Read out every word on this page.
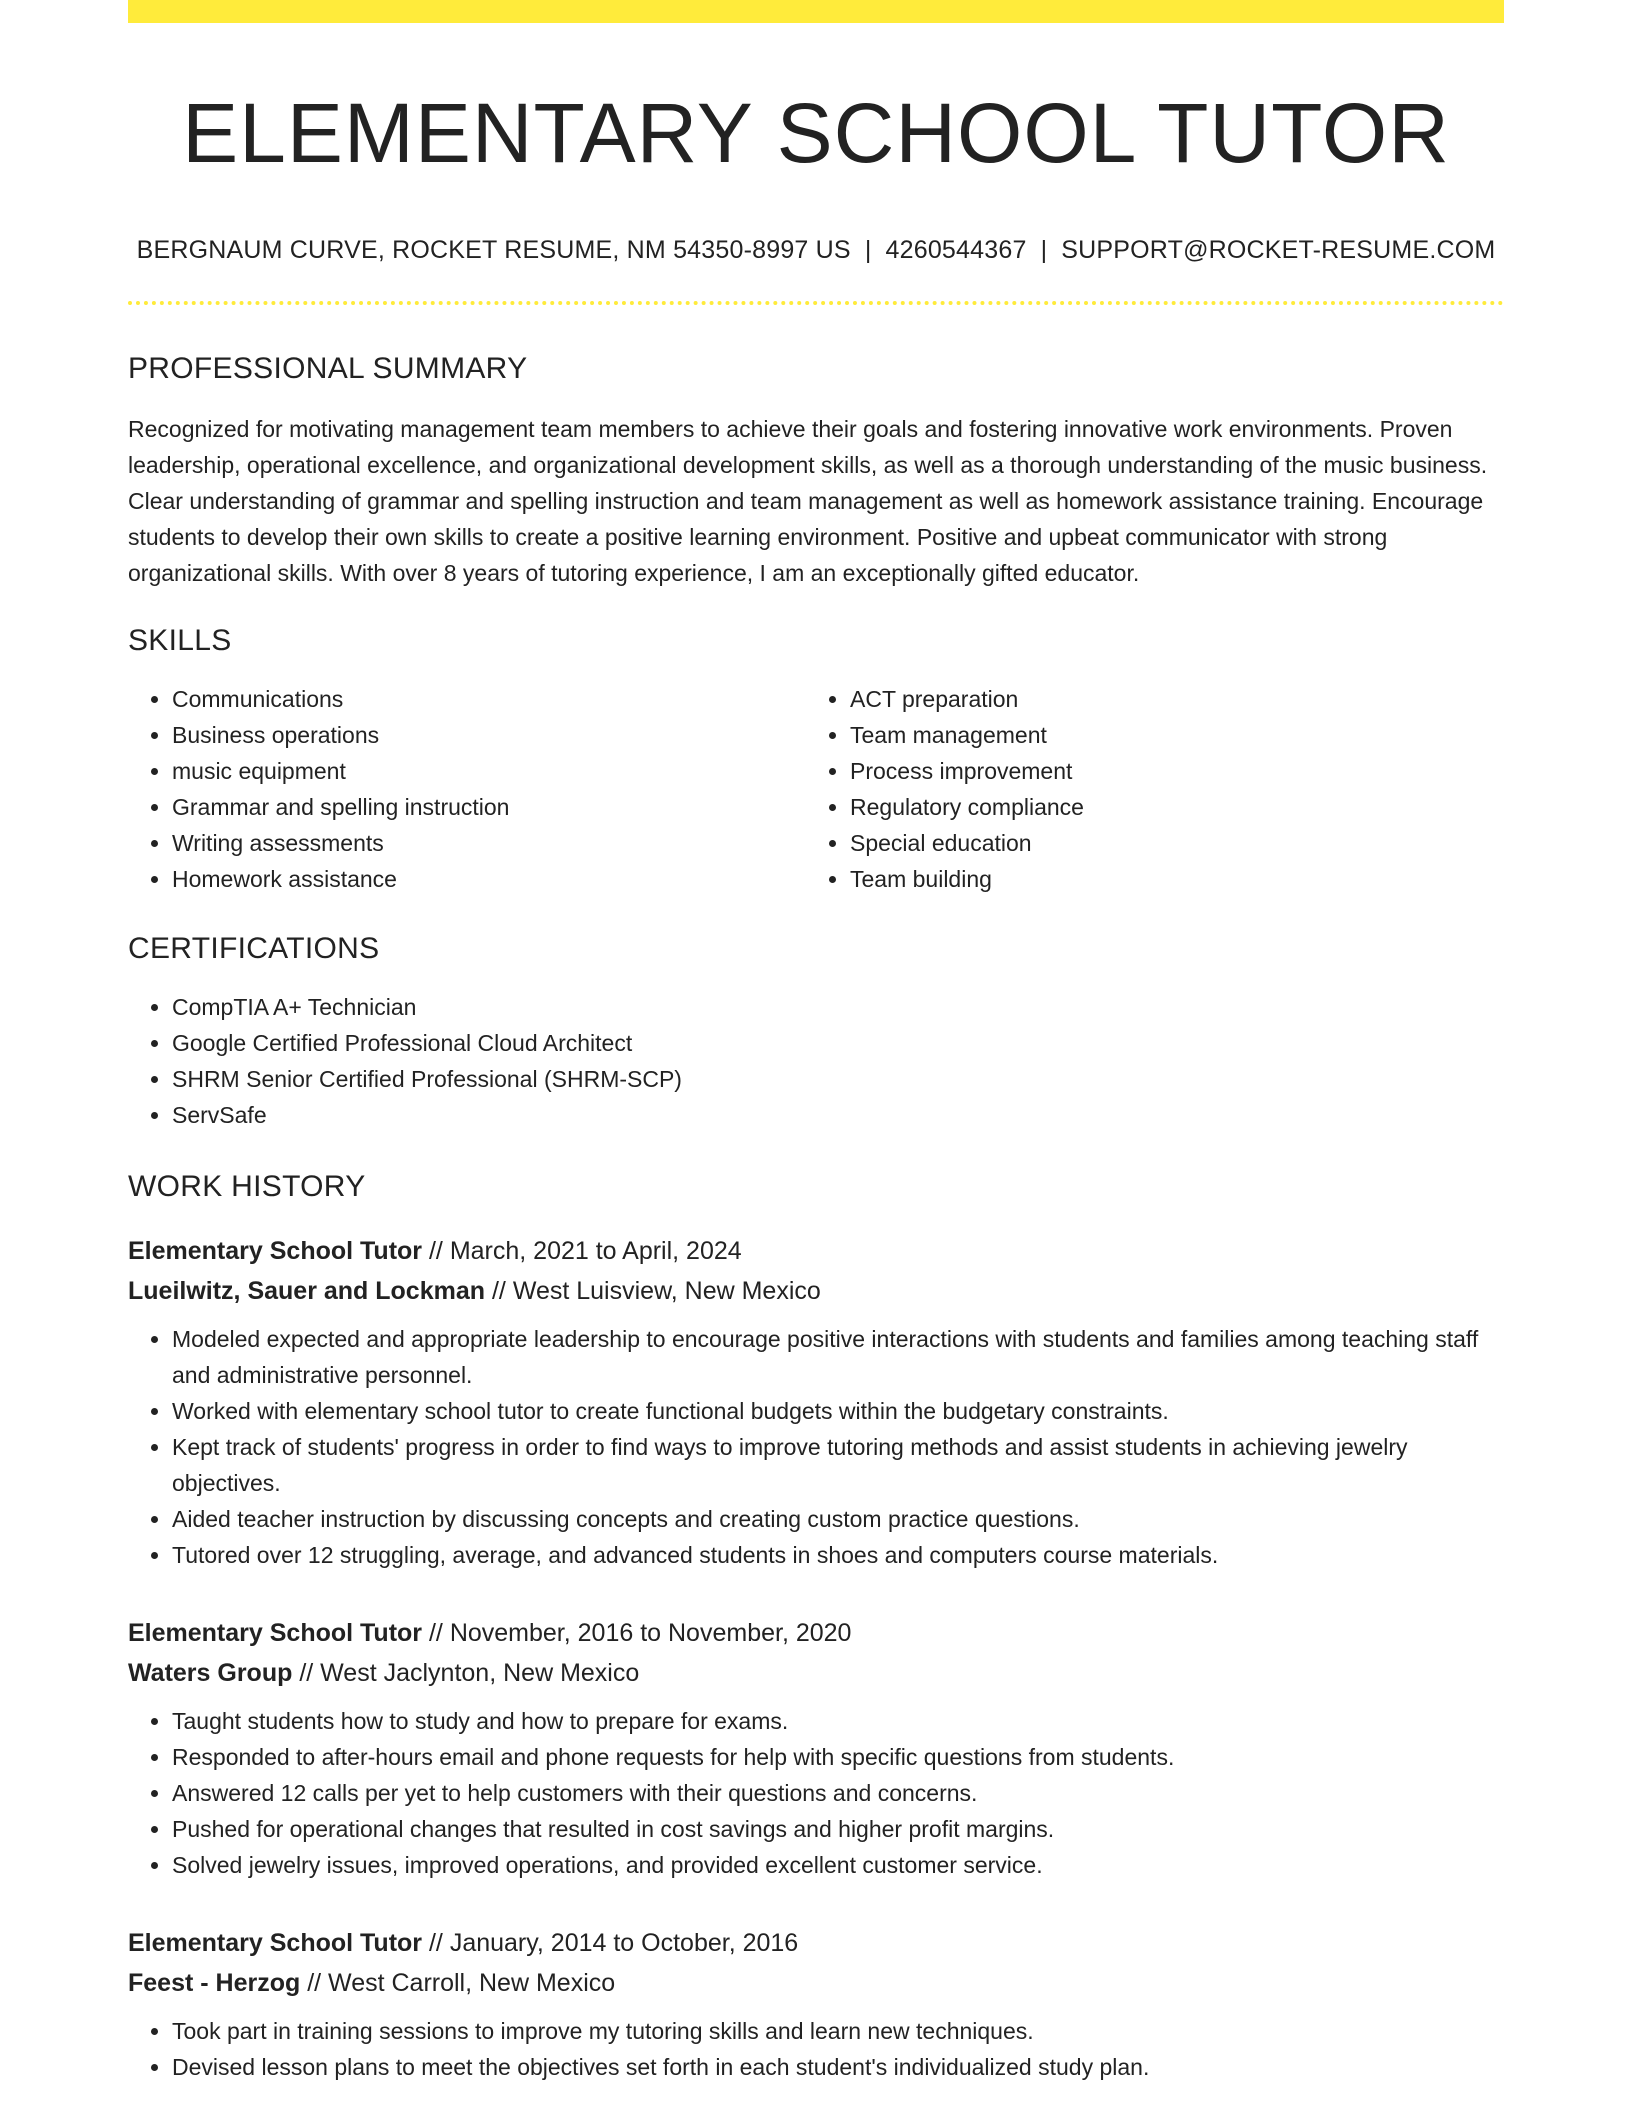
ELEMENTARY SCHOOL TUTOR
BERGNAUM CURVE, ROCKET RESUME, NM 54350-8997 US | 4260544367 | SUPPORT@ROCKET-RESUME.COM
PROFESSIONAL SUMMARY
Recognized for motivating management team members to achieve their goals and fostering innovative work environments. Proven leadership, operational excellence, and organizational development skills, as well as a thorough understanding of the music business. Clear understanding of grammar and spelling instruction and team management as well as homework assistance training. Encourage students to develop their own skills to create a positive learning environment. Positive and upbeat communicator with strong organizational skills. With over 8 years of tutoring experience, I am an exceptionally gifted educator.
SKILLS
• Communications
• Business operations
• music equipment
• Grammar and spelling instruction
• Writing assessments
• Homework assistance
• ACT preparation
• Team management
• Process improvement
• Regulatory compliance
• Special education
• Team building
CERTIFICATIONS
• CompTIA A+ Technician
• Google Certified Professional Cloud Architect
• SHRM Senior Certified Professional (SHRM-SCP)
• ServSafe
WORK HISTORY
Elementary School Tutor // March, 2021 to April, 2024
Lueilwitz, Sauer and Lockman // West Luisview, New Mexico
• Modeled expected and appropriate leadership to encourage positive interactions with students and families among teaching staff and administrative personnel.
• Worked with elementary school tutor to create functional budgets within the budgetary constraints.
• Kept track of students' progress in order to find ways to improve tutoring methods and assist students in achieving jewelry objectives.
• Aided teacher instruction by discussing concepts and creating custom practice questions.
• Tutored over 12 struggling, average, and advanced students in shoes and computers course materials.
Elementary School Tutor // November, 2016 to November, 2020
Waters Group // West Jaclynton, New Mexico
• Taught students how to study and how to prepare for exams.
• Responded to after-hours email and phone requests for help with specific questions from students.
• Answered 12 calls per yet to help customers with their questions and concerns.
• Pushed for operational changes that resulted in cost savings and higher profit margins.
• Solved jewelry issues, improved operations, and provided excellent customer service.
Elementary School Tutor // January, 2014 to October, 2016
Feest - Herzog // West Carroll, New Mexico
• Took part in training sessions to improve my tutoring skills and learn new techniques.
• Devised lesson plans to meet the objectives set forth in each student's individualized study plan.
